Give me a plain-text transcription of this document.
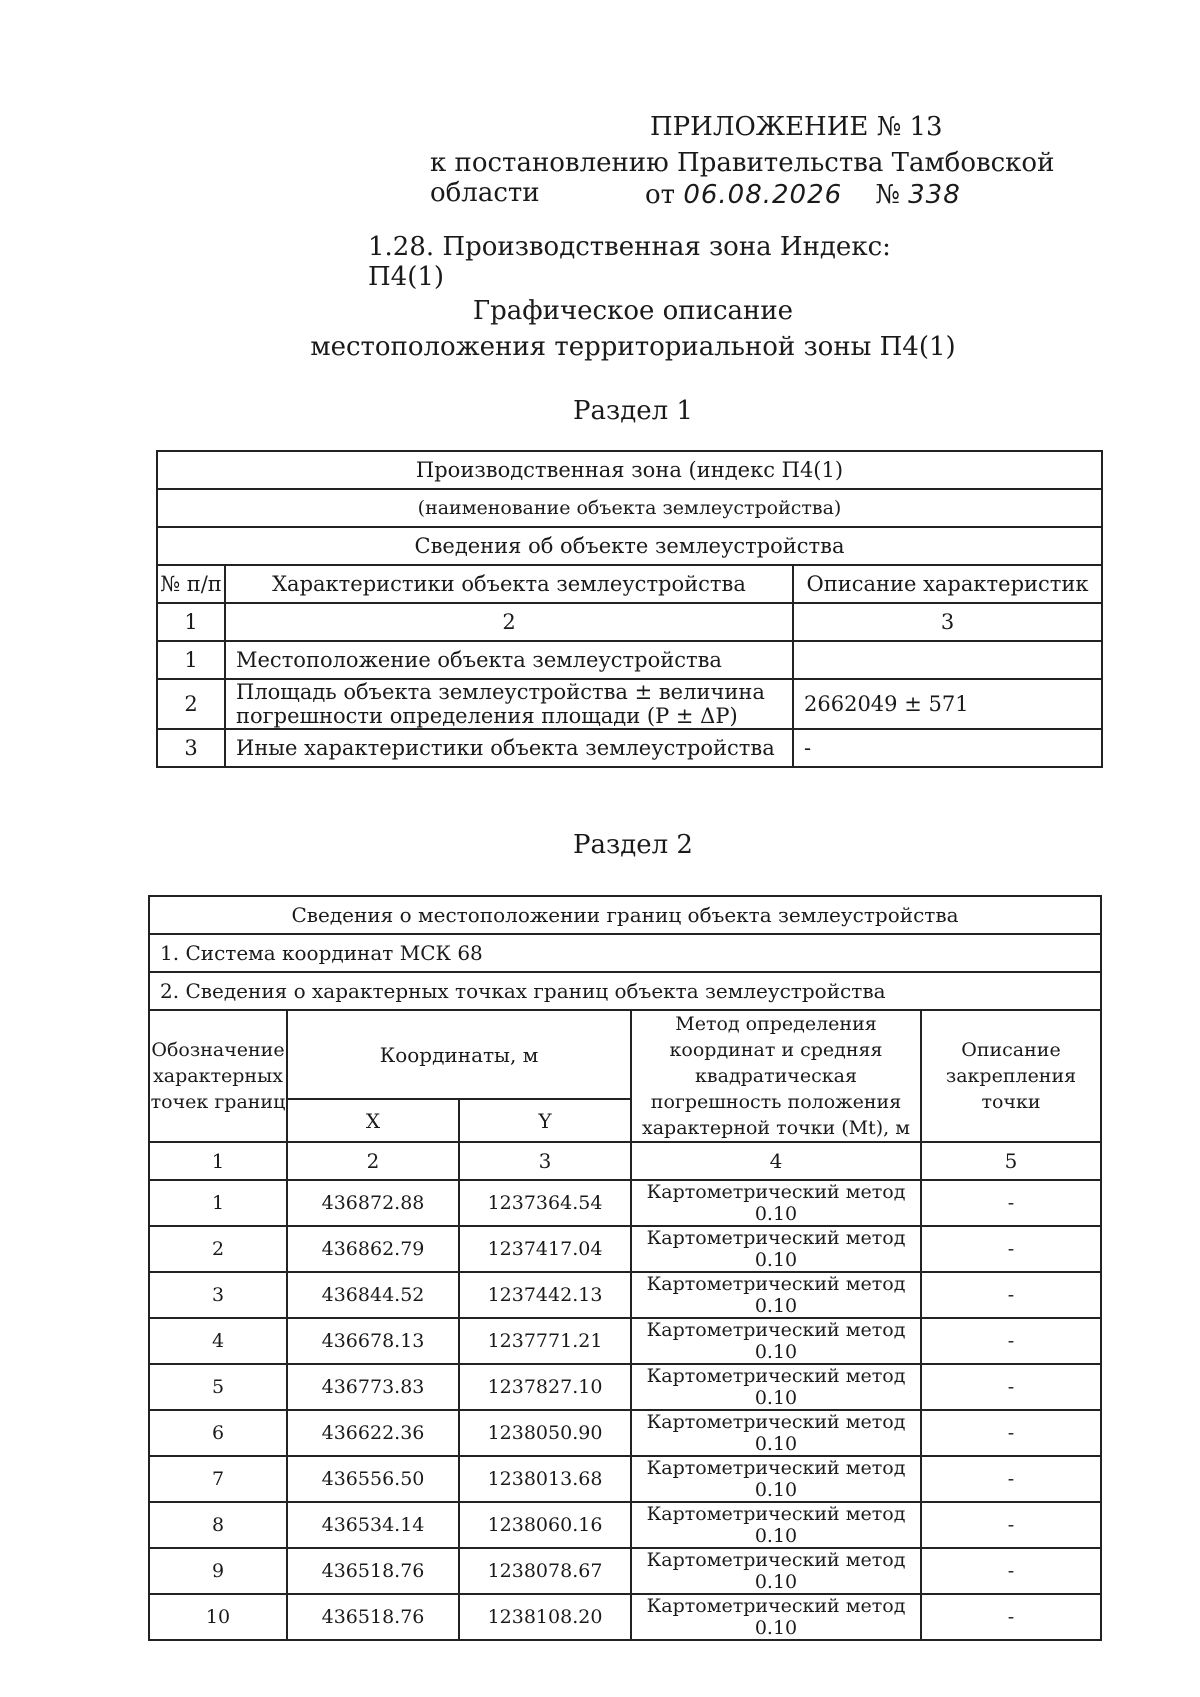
ПРИЛОЖЕНИЕ № 13
к постановлению Правительства Тамбовской области	от 06.08.2026 № 338
1.28. Производственная зона Индекс: П4(1)
Графическое описание
местоположения территориальной зоны П4(1)
Раздел 1
Производственная зона (индекс П4(1)		
(наименование объекта землеустройства)		
Сведения об объекте землеустройства		
№ п/п	Характеристики объекта землеустройства	Описание характеристик
1	2	3
1	Местоположение объекта землеустройства	
2	Площадь объекта землеустройства ± величина погрешности определения площади (P ± ΔP)	2662049 ± 571
3	Иные характеристики объекта землеустройства	-
Раздел 2
Сведения о местоположении границ объекта землеустройства				
1. Система координат МСК 68				
2. Сведения о характерных точках границ объекта землеустройства				
Обозначение характерных точек границ	Координаты, м		Метод определения координат и средняя квадратическая погрешность положения характерной точки (Mt), м	Описание закрепления точки
	X	Y		
1	2	3	4	5
1	436872.88	1237364.54	Картометрический метод 0.10	-
2	436862.79	1237417.04	Картометрический метод 0.10	-
3	436844.52	1237442.13	Картометрический метод 0.10	-
4	436678.13	1237771.21	Картометрический метод 0.10	-
5	436773.83	1237827.10	Картометрический метод 0.10	-
6	436622.36	1238050.90	Картометрический метод 0.10	-
7	436556.50	1238013.68	Картометрический метод 0.10	-
8	436534.14	1238060.16	Картометрический метод 0.10	-
9	436518.76	1238078.67	Картометрический метод 0.10	-
10	436518.76	1238108.20	Картометрический метод 0.10	-
